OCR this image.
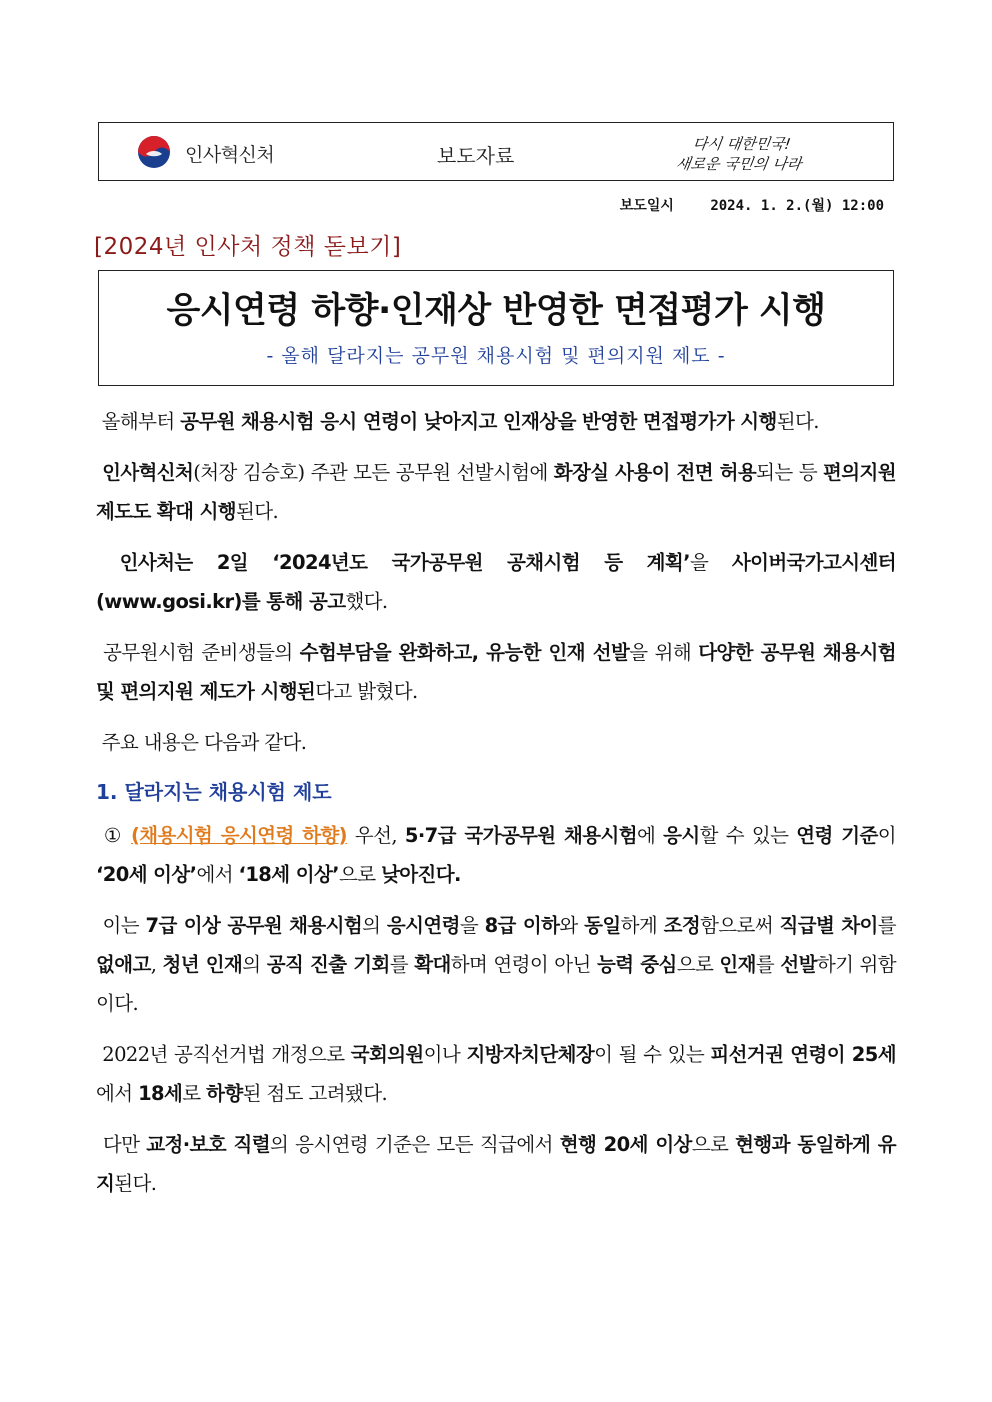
인사혁신처	보도자료	다시 대한민국!
새로운 국민의 나라
보도일시	2024. 1. 2.(월) 12:00
[2024년 인사처 정책 돋보기]
응시연령 하향·인재상 반영한 면접평가 시행
- 올해 달라지는 공무원 채용시험 및 편의지원 제도 -

올해부터 공무원 채용시험 응시 연령이 낮아지고 인재상을 반영한 면접평가가 시행된다.

인사혁신처(처장 김승호) 주관 모든 공무원 선발시험에 화장실 사용이 전면 허용되는 등 편의지원 제도도 확대 시행된다.

인사처는 2일 ‘2024년도 국가공무원 공채시험 등 계획’을 사이버국가고시센터(www.gosi.kr)를 통해 공고했다.

공무원시험 준비생들의 수험부담을 완화하고, 유능한 인재 선발을 위해 다양한 공무원 채용시험 및 편의지원 제도가 시행된다고 밝혔다.

주요 내용은 다음과 같다.

1. 달라지는 채용시험 제도

① (채용시험 응시연령 하향) 우선, 5·7급 국가공무원 채용시험에 응시할 수 있는 연령 기준이 ‘20세 이상’에서 ‘18세 이상’으로 낮아진다.

이는 7급 이상 공무원 채용시험의 응시연령을 8급 이하와 동일하게 조정함으로써 직급별 차이를 없애고, 청년 인재의 공직 진출 기회를 확대하며 연령이 아닌 능력 중심으로 인재를 선발하기 위함이다.

2022년 공직선거법 개정으로 국회의원이나 지방자치단체장이 될 수 있는 피선거권 연령이 25세에서 18세로 하향된 점도 고려됐다.

다만 교정·보호 직렬의 응시연령 기준은 모든 직급에서 현행 20세 이상으로 현행과 동일하게 유지된다.
